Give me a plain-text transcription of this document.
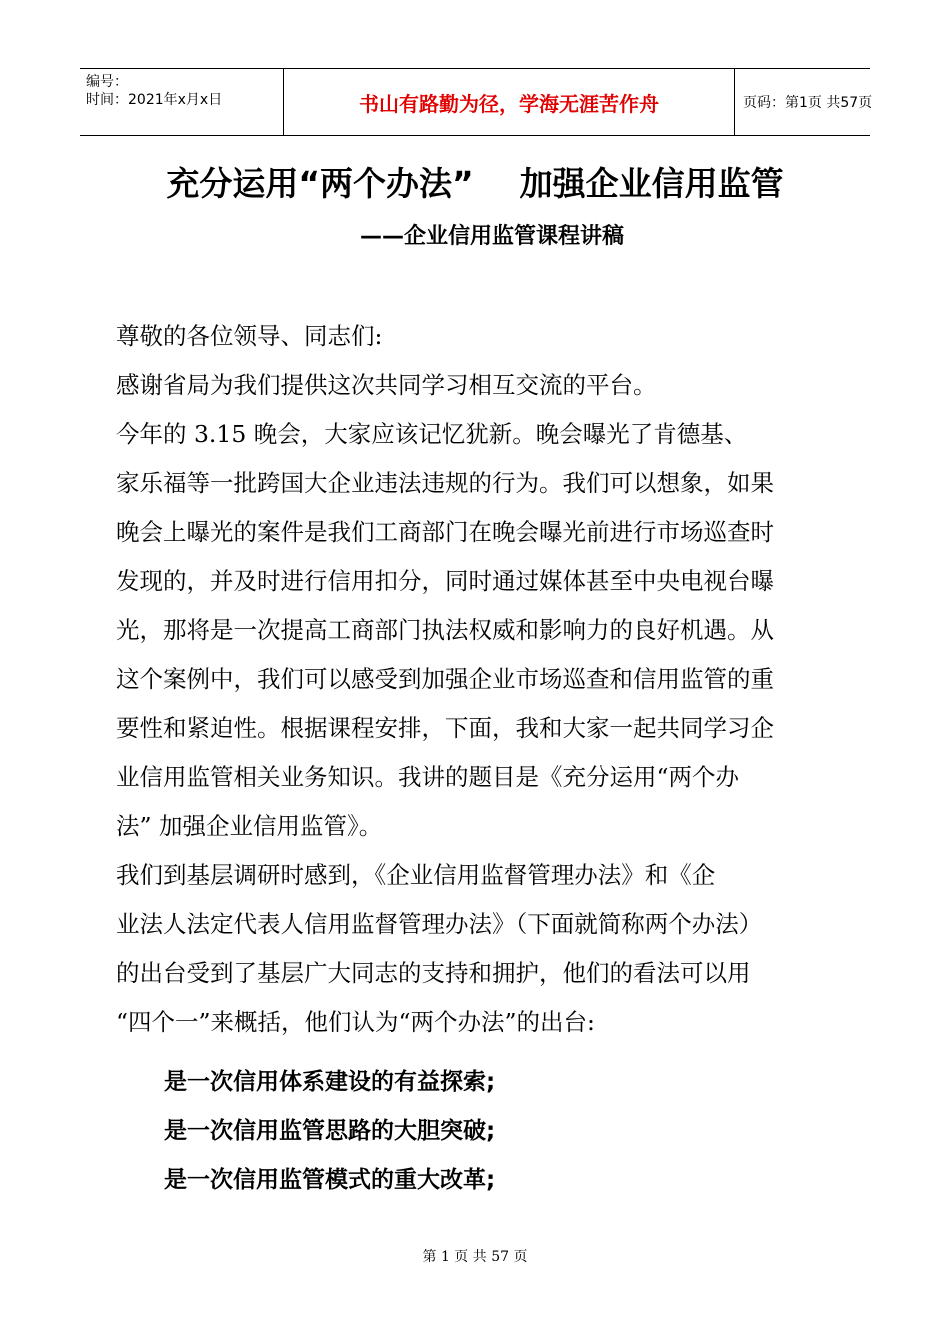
编号：
时间：2021年x月x日	书山有路勤为径，学海无涯苦作舟	页码：第1页 共57页
充分运用“两个办法”    加强企业信用监管
——企业信用监管课程讲稿
尊敬的各位领导、同志们:
感谢省局为我们提供这次共同学习相互交流的平台。
今年的 3.15 晚会，大家应该记忆犹新。晚会曝光了肯德基、
家乐福等一批跨国大企业违法违规的行为。我们可以想象，如果
晚会上曝光的案件是我们工商部门在晚会曝光前进行市场巡查时
发现的，并及时进行信用扣分，同时通过媒体甚至中央电视台曝
光，那将是一次提高工商部门执法权威和影响力的良好机遇。从
这个案例中，我们可以感受到加强企业市场巡查和信用监管的重
要性和紧迫性。根据课程安排，下面，我和大家一起共同学习企
业信用监管相关业务知识。我讲的题目是《充分运用“两个办
法” 加强企业信用监管》。
我们到基层调研时感到，《企业信用监督管理办法》和《企
业法人法定代表人信用监督管理办法》（下面就简称两个办法）
的出台受到了基层广大同志的支持和拥护，他们的看法可以用
“四个一”来概括，他们认为“两个办法”的出台:
是一次信用体系建设的有益探索;
是一次信用监管思路的大胆突破;
是一次信用监管模式的重大改革;
第 1 页 共 57 页
